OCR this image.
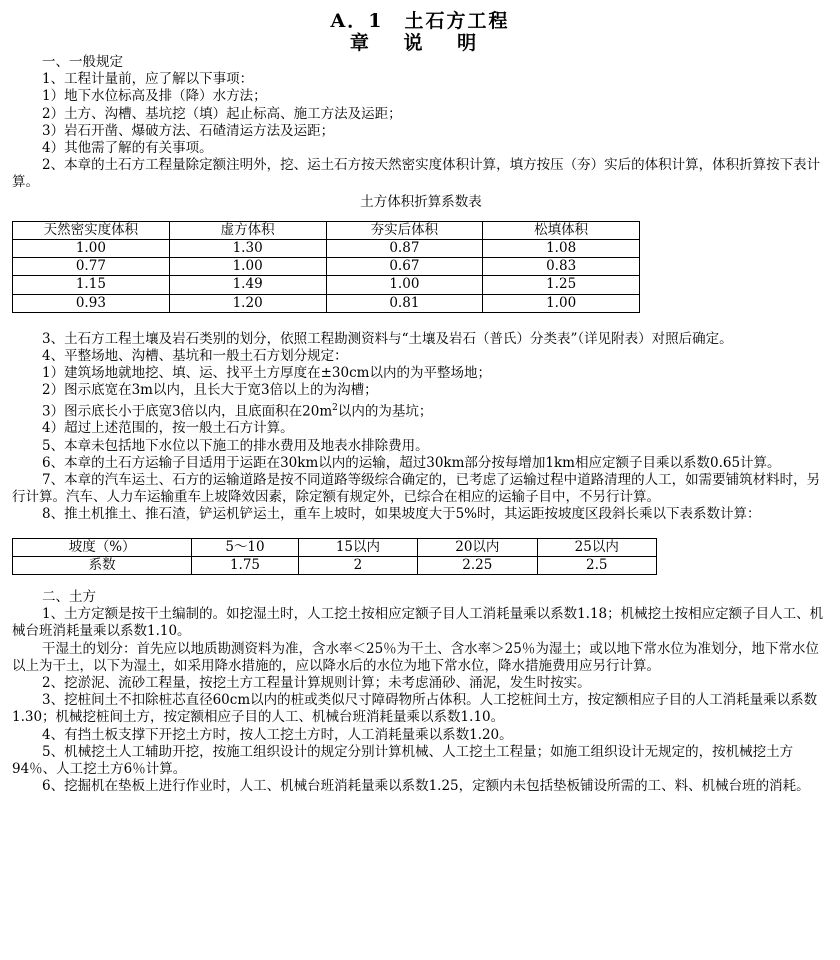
A．1　土石方工程
章 说 明

一、一般规定

1、工程计量前，应了解以下事项：

1）地下水位标高及排（降）水方法；

2）土方、沟槽、基坑挖（填）起止标高、施工方法及运距；

3）岩石开凿、爆破方法、石碴清运方法及运距；

4）其他需了解的有关事项。

2、本章的土石方工程量除定额注明外，挖、运土石方按天然密实度体积计算，填方按压（夯）实后的体积计算，体积折算按下表计算。

土方体积折算系数表
天然密实度体积	虚方体积	夯实后体积	松填体积
1.00	1.30	0.87	1.08
0.77	1.00	0.67	0.83
1.15	1.49	1.00	1.25
0.93	1.20	0.81	1.00

3、土石方工程土壤及岩石类别的划分，依照工程勘测资料与“土壤及岩石（普氏）分类表”（详见附表）对照后确定。

4、平整场地、沟槽、基坑和一般土石方划分规定：

1）建筑场地就地挖、填、运、找平土方厚度在±30cm以内的为平整场地；

2）图示底宽在3m以内，且长大于宽3倍以上的为沟槽；

3）图示底长小于底宽3倍以内，且底面积在$20m^2$以内的为基坑；

4）超过上述范围的，按一般土石方计算。

5、本章未包括地下水位以下施工的排水费用及地表水排除费用。

6、本章的土石方运输子目适用于运距在30km以内的运输，超过30km部分按每增加1km相应定额子目乘以系数0.65计算。

7、本章的汽车运土、石方的运输道路是按不同道路等级综合确定的，已考虑了运输过程中道路清理的人工，如需要铺筑材料时，另行计算。汽车、人力车运输重车上坡降效因素，除定额有规定外，已综合在相应的运输子目中，不另行计算。

8、推土机推土、推石渣，铲运机铲运土，重车上坡时，如果坡度大于5%时，其运距按坡度区段斜长乘以下表系数计算：

坡度（%）	5～10	15以内	20以内	25以内
系数	1.75	2	2.25	2.5

二、土方

1、土方定额是按干土编制的。如挖湿土时，人工挖土按相应定额子目人工消耗量乘以系数1.18；机械挖土按相应定额子目人工、机械台班消耗量乘以系数1.10。

干湿土的划分：首先应以地质勘测资料为准，含水率＜25％为干土、含水率＞25％为湿土；或以地下常水位为准划分，地下常水位以上为干土，以下为湿土，如采用降水措施的，应以降水后的水位为地下常水位，降水措施费用应另行计算。

2、挖淤泥、流砂工程量，按挖土方工程量计算规则计算；未考虑涌砂、涌泥，发生时按实。

3、挖桩间土不扣除桩芯直径60cm以内的桩或类似尺寸障碍物所占体积。人工挖桩间土方，按定额相应子目的人工消耗量乘以系数1.30；机械挖桩间土方，按定额相应子目的人工、机械台班消耗量乘以系数1.10。

4、有挡土板支撑下开挖土方时，按人工挖土方时，人工消耗量乘以系数1.20。

5、机械挖土人工辅助开挖，按施工组织设计的规定分别计算机械、人工挖土工程量；如施工组织设计无规定的，按机械挖土方94％、人工挖土方6％计算。

6、挖掘机在垫板上进行作业时，人工、机械台班消耗量乘以系数1.25，定额内未包括垫板铺设所需的工、料、机械台班的消耗。
